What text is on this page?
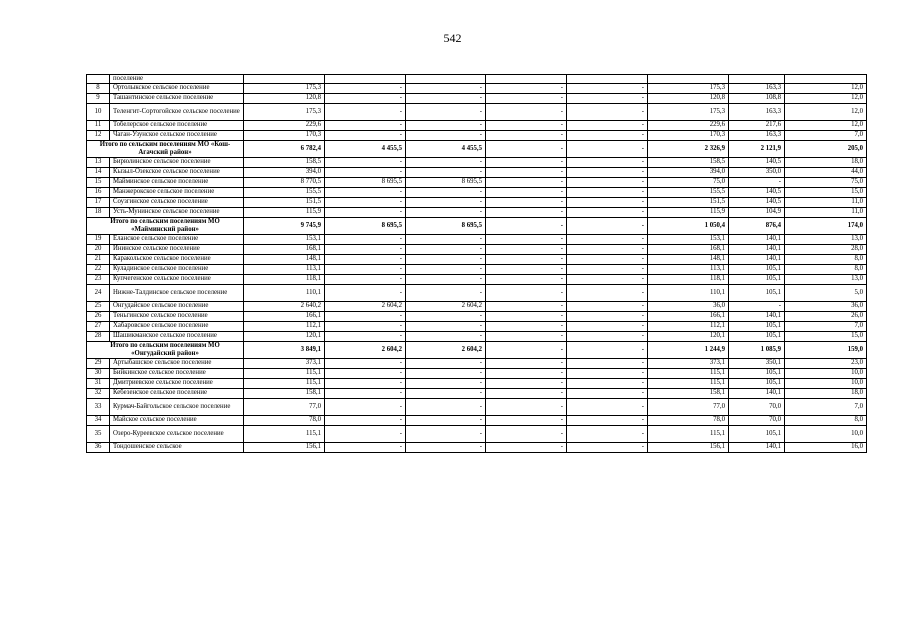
542
	поселение								
8	Ортолыкское сельское поселение	175,3	-	-	-	-	175,3	163,3	12,0
9	Ташантинское сельское поселение	120,8	-	-	-	-	120,8	108,8	12,0
10	Теленгит-Сортогойское сельское поселение	175,3	-	-	-	-	175,3	163,3	12,0
11	Тобелерское сельское поселение	229,6	-	-	-	-	229,6	217,6	12,0
12	Чаган-Узунское сельское поселение	170,3	-	-	-	-	170,3	163,3	7,0
Итого по сельским поселениям МО «Кош-Агачский район»		6 782,4	4 455,5	4 455,5	-	-	2 326,9	2 121,9	205,0
13	Бирюлинское сельское поселение	158,5	-	-	-	-	158,5	140,5	18,0
14	Кызыл-Озекское сельское поселение	394,0	-	-	-	-	394,0	350,0	44,0
15	Майминское сельское поселение	8 770,5	8 695,5	8 695,5	-	-	75,0	-	75,0
16	Манжерокское сельское поселение	155,5	-	-	-	-	155,5	140,5	15,0
17	Соузгинское сельское поселение	151,5	-	-	-	-	151,5	140,5	11,0
18	Усть-Мунинское сельское поселение	115,9	-	-	-	-	115,9	104,9	11,0
Итого по сельским поселениям МО «Майминский район»		9 745,9	8 695,5	8 695,5	-	-	1 050,4	876,4	174,0
19	Еланское сельское поселение	153,1	-	-	-	-	153,1	140,1	13,0
20	Ининское сельское поселение	168,1	-	-	-	-	168,1	140,1	28,0
21	Каракольское сельское поселение	148,1	-	-	-	-	148,1	140,1	8,0
22	Куладинское сельское поселение	113,1	-	-	-	-	113,1	105,1	8,0
23	Купчегенское сельское поселение	118,1	-	-	-	-	118,1	105,1	13,0
24	Нижне-Талдинское сельское поселение	110,1	-	-	-	-	110,1	105,1	5,0
25	Онгудайское сельское поселение	2 640,2	2 604,2	2 604,2	-	-	36,0	-	36,0
26	Теньгинское сельское поселение	166,1	-	-	-	-	166,1	140,1	26,0
27	Хабаровское сельское поселение	112,1	-	-	-	-	112,1	105,1	7,0
28	Шашикманское сельское поселение	120,1	-	-	-	-	120,1	105,1	15,0
Итого по сельским поселениям МО «Онгудайский район»		3 849,1	2 604,2	2 604,2	-	-	1 244,9	1 085,9	159,0
29	Артыбашское сельское поселение	373,1	-	-	-	-	373,1	350,1	23,0
30	Бийкинское сельское поселение	115,1	-	-	-	-	115,1	105,1	10,0
31	Дмитриевское сельское поселение	115,1	-	-	-	-	115,1	105,1	10,0
32	Кебезенское сельское поселение	158,1	-	-	-	-	158,1	140,1	18,0
33	Курмач-Байгольское сельское поселение	77,0	-	-	-	-	77,0	70,0	7,0
34	Майское сельское поселение	78,0	-	-	-	-	78,0	70,0	8,0
35	Озеро-Куреевское сельское поселение	115,1	-	-	-	-	115,1	105,1	10,0
36	Тондошенское сельское	156,1	-	-	-	-	156,1	140,1	16,0
